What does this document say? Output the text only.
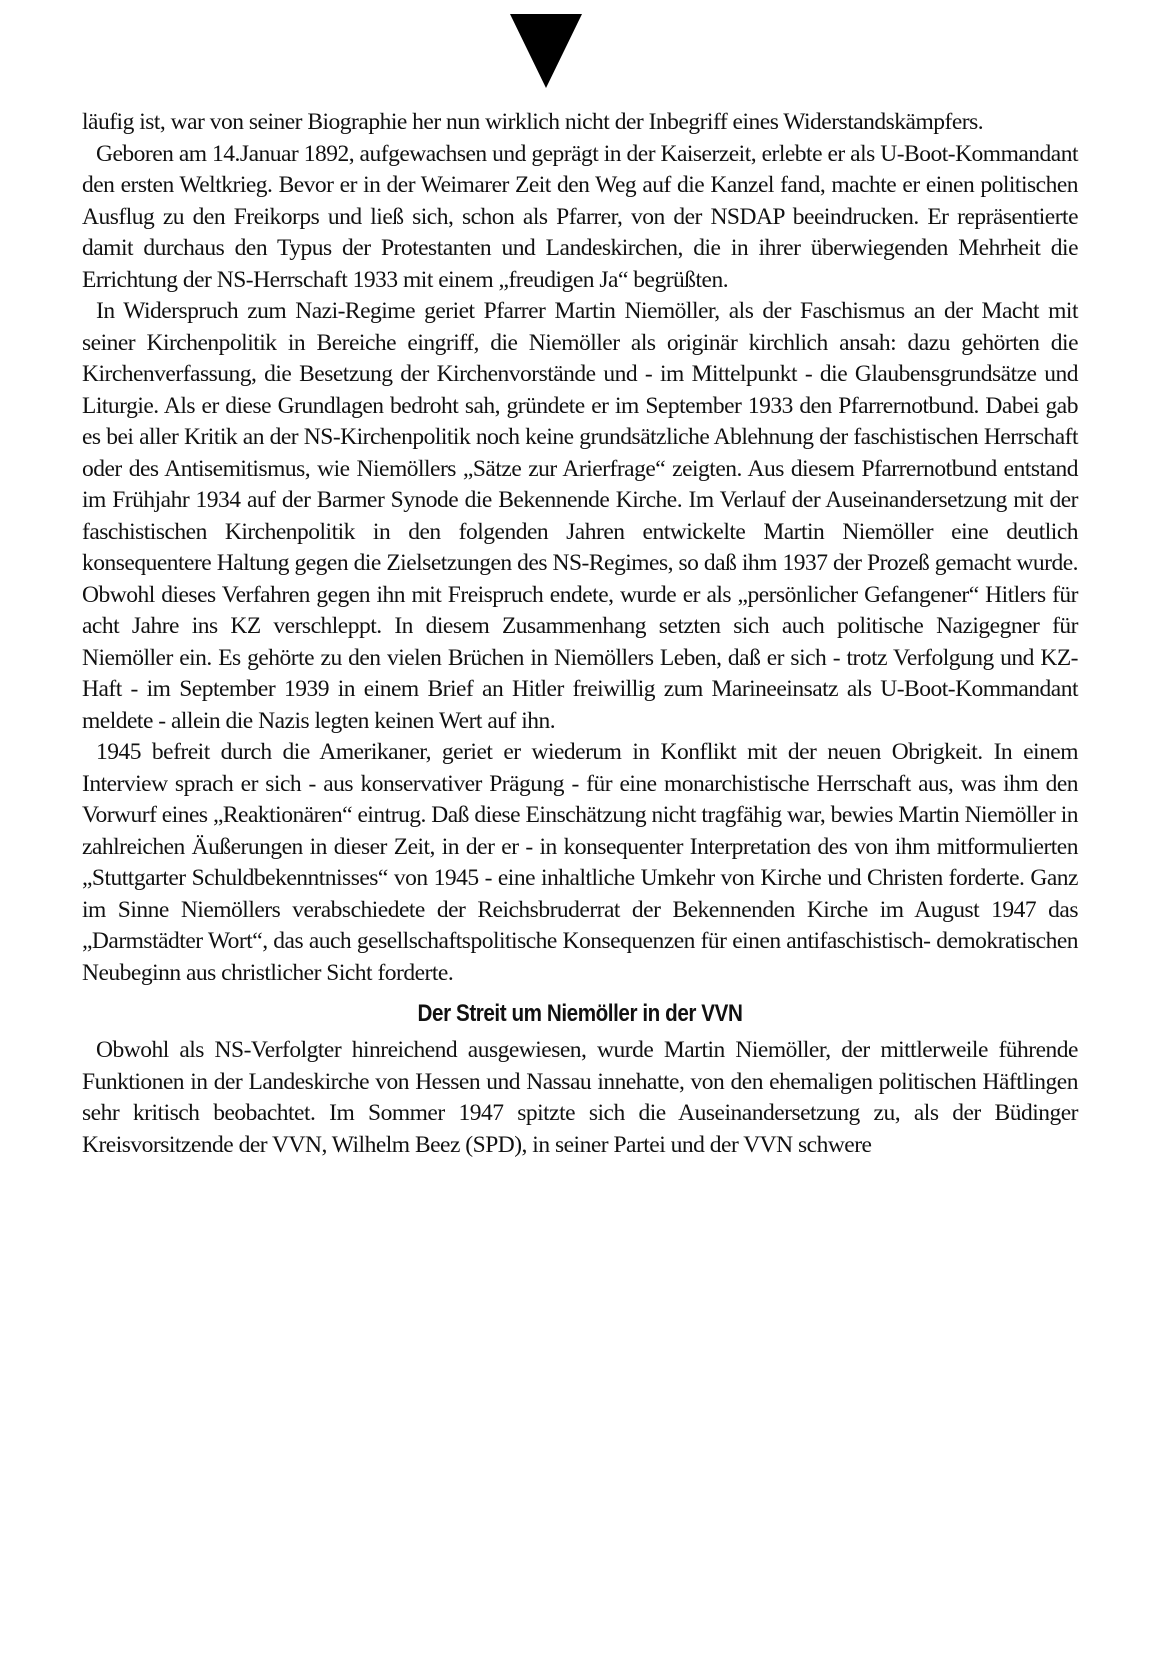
läufig ist, war von seiner Biographie her nun wirklich nicht der Inbegriff eines Widerstandskämpfers.

Geboren am 14.Januar 1892, aufgewachsen und geprägt in der Kaiserzeit, erlebte er als U-Boot-Kommandant den ersten Weltkrieg. Bevor er in der Weimarer Zeit den Weg auf die Kanzel fand, machte er einen politischen Ausflug zu den Freikorps und ließ sich, schon als Pfarrer, von der NSDAP beeindrucken. Er repräsentierte damit durchaus den Typus der Protestanten und Landeskirchen, die in ihrer überwiegenden Mehrheit die Errichtung der NS-Herrschaft 1933 mit einem „freudigen Ja“ begrüßten.

In Widerspruch zum Nazi-Regime geriet Pfarrer Martin Niemöller, als der Faschismus an der Macht mit seiner Kirchenpolitik in Bereiche eingriff, die Niemöller als originär kirchlich ansah: dazu gehörten die Kirchenverfassung, die Besetzung der Kirchenvorstände und - im Mittelpunkt - die Glaubensgrundsätze und Liturgie. Als er diese Grundlagen bedroht sah, gründete er im September 1933 den Pfarrernotbund. Dabei gab es bei aller Kritik an der NS-Kirchenpolitik noch keine grundsätzliche Ablehnung der faschistischen Herrschaft oder des Antisemitismus, wie Niemöllers „Sätze zur Arierfrage“ zeigten. Aus diesem Pfarrernotbund entstand im Frühjahr 1934 auf der Barmer Synode die Bekennende Kirche. Im Verlauf der Auseinandersetzung mit der faschistischen Kirchenpolitik in den folgenden Jahren entwickelte Martin Niemöller eine deutlich konsequentere Haltung gegen die Zielsetzungen des NS-Regimes, so daß ihm 1937 der Prozeß gemacht wurde. Obwohl dieses Verfahren gegen ihn mit Freispruch endete, wurde er als „persönlicher Gefangener“ Hitlers für acht Jahre ins KZ verschleppt. In diesem Zusammenhang setzten sich auch politische Nazigegner für Niemöller ein. Es gehörte zu den vielen Brüchen in Niemöllers Leben, daß er sich - trotz Verfolgung und KZ-Haft - im September 1939 in einem Brief an Hitler freiwillig zum Marineeinsatz als U-Boot-Kommandant meldete - allein die Nazis legten keinen Wert auf ihn.

1945 befreit durch die Amerikaner, geriet er wiederum in Konflikt mit der neuen Obrigkeit. In einem Interview sprach er sich - aus konservativer Prägung - für eine monarchistische Herrschaft aus, was ihm den Vorwurf eines „Reaktionären“ eintrug. Daß diese Einschätzung nicht tragfähig war, bewies Martin Niemöller in zahlreichen Äußerungen in dieser Zeit, in der er - in konsequenter Interpretation des von ihm mitformulierten „Stuttgarter Schuldbekenntnisses“ von 1945 - eine inhaltliche Umkehr von Kirche und Christen forderte. Ganz im Sinne Niemöllers verabschiedete der Reichsbruderrat der Bekennenden Kirche im August 1947 das „Darmstädter Wort“, das auch gesellschaftspolitische Konsequenzen für einen antifaschistisch- demokratischen Neubeginn aus christlicher Sicht forderte.

Der Streit um Niemöller in der VVN

Obwohl als NS-Verfolgter hinreichend ausgewiesen, wurde Martin Niemöller, der mittlerweile führende Funktionen in der Landeskirche von Hessen und Nassau innehatte, von den ehemaligen politischen Häftlingen sehr kritisch beobachtet. Im Sommer 1947 spitzte sich die Auseinandersetzung zu, als der Büdinger Kreisvorsitzende der VVN, Wilhelm Beez (SPD), in seiner Partei und der VVN schwere
